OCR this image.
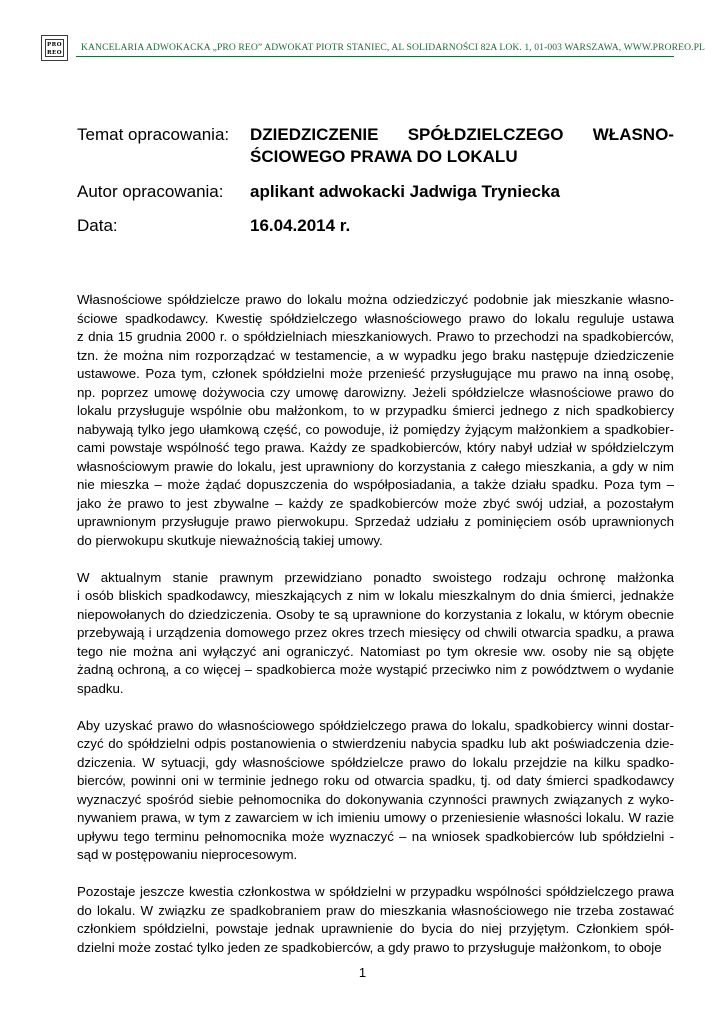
PRO
REO KANCELARIA ADWOKACKA „PRO REO” ADWOKAT PIOTR STANIEC, AL SOLIDARNOŚCI 82A LOK. 1, 01-003 WARSZAWA, WWW.PROREO.PL
Temat opracowania: DZIEDZICZENIE SPÓŁDZIELCZEGO WŁASNO-
ŚCIOWEGO PRAWA DO LOKALU
Autor opracowania: aplikant adwokacki Jadwiga Tryniecka
Data:	16.04.2014 r.
Własnościowe spółdzielcze prawo do lokalu można odziedziczyć podobnie jak mieszkanie własno-
ściowe spadkodawcy. Kwestię spółdzielczego własnościowego prawo do lokalu reguluje ustawa
z dnia 15 grudnia 2000 r. o spółdzielniach mieszkaniowych. Prawo to przechodzi na spadkobierców,
tzn. że można nim rozporządzać w testamencie, a w wypadku jego braku następuje dziedziczenie
ustawowe. Poza tym, członek spółdzielni może przenieść przysługujące mu prawo na inną osobę,
np. poprzez umowę dożywocia czy umowę darowizny. Jeżeli spółdzielcze własnościowe prawo do
lokalu przysługuje wspólnie obu małżonkom, to w przypadku śmierci jednego z nich spadkobiercy
nabywają tylko jego ułamkową część, co powoduje, iż pomiędzy żyjącym małżonkiem a spadkobier-
cami powstaje wspólność tego prawa. Każdy ze spadkobierców, który nabył udział w spółdzielczym
własnościowym prawie do lokalu, jest uprawniony do korzystania z całego mieszkania, a gdy w nim
nie mieszka – może żądać dopuszczenia do współposiadania, a także działu spadku. Poza tym –
jako że prawo to jest zbywalne – każdy ze spadkobierców może zbyć swój udział, a pozostałym
uprawnionym przysługuje prawo pierwokupu. Sprzedaż udziału z pominięciem osób uprawnionych
do pierwokupu skutkuje nieważnością takiej umowy.
W aktualnym stanie prawnym przewidziano ponadto swoistego rodzaju ochronę małżonka
i osób bliskich spadkodawcy, mieszkających z nim w lokalu mieszkalnym do dnia śmierci, jednakże
niepowołanych do dziedziczenia. Osoby te są uprawnione do korzystania z lokalu, w którym obecnie
przebywają i urządzenia domowego przez okres trzech miesięcy od chwili otwarcia spadku, a prawa
tego nie można ani wyłączyć ani ograniczyć. Natomiast po tym okresie ww. osoby nie są objęte
żadną ochroną, a co więcej – spadkobierca może wystąpić przeciwko nim z powództwem o wydanie
spadku.
Aby uzyskać prawo do własnościowego spółdzielczego prawa do lokalu, spadkobiercy winni dostar-
czyć do spółdzielni odpis postanowienia o stwierdzeniu nabycia spadku lub akt poświadczenia dzie-
dziczenia. W sytuacji, gdy własnościowe spółdzielcze prawo do lokalu przejdzie na kilku spadko-
bierców, powinni oni w terminie jednego roku od otwarcia spadku, tj. od daty śmierci spadkodawcy
wyznaczyć spośród siebie pełnomocnika do dokonywania czynności prawnych związanych z wyko-
nywaniem prawa, w tym z zawarciem w ich imieniu umowy o przeniesienie własności lokalu. W razie
upływu tego terminu pełnomocnika może wyznaczyć – na wniosek spadkobierców lub spółdzielni -
sąd w postępowaniu nieprocesowym.
Pozostaje jeszcze kwestia członkostwa w spółdzielni w przypadku wspólności spółdzielczego prawa
do lokalu. W związku ze spadkobraniem praw do mieszkania własnościowego nie trzeba zostawać
członkiem spółdzielni, powstaje jednak uprawnienie do bycia do niej przyjętym. Członkiem spół-
dzielni może zostać tylko jeden ze spadkobierców, a gdy prawo to przysługuje małżonkom, to oboje
1
